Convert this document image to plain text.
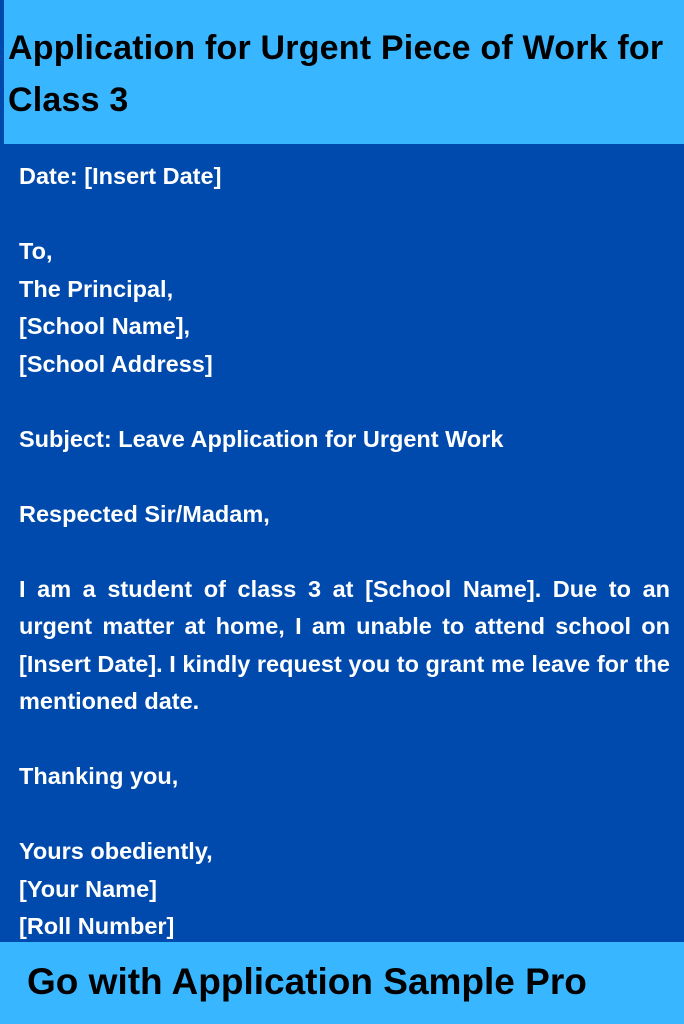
Application for Urgent Piece of Work for Class 3
Date: [Insert Date]
To,
The Principal,
[School Name],
[School Address]
Subject: Leave Application for Urgent Work
Respected Sir/Madam,

I am a student of class 3 at [School Name]. Due to an urgent matter at home, I am unable to attend school on [Insert Date]. I kindly request you to grant me leave for the mentioned date.

Thanking you,
Yours obediently,
[Your Name]
[Roll Number]

Go with Application Sample Pro
